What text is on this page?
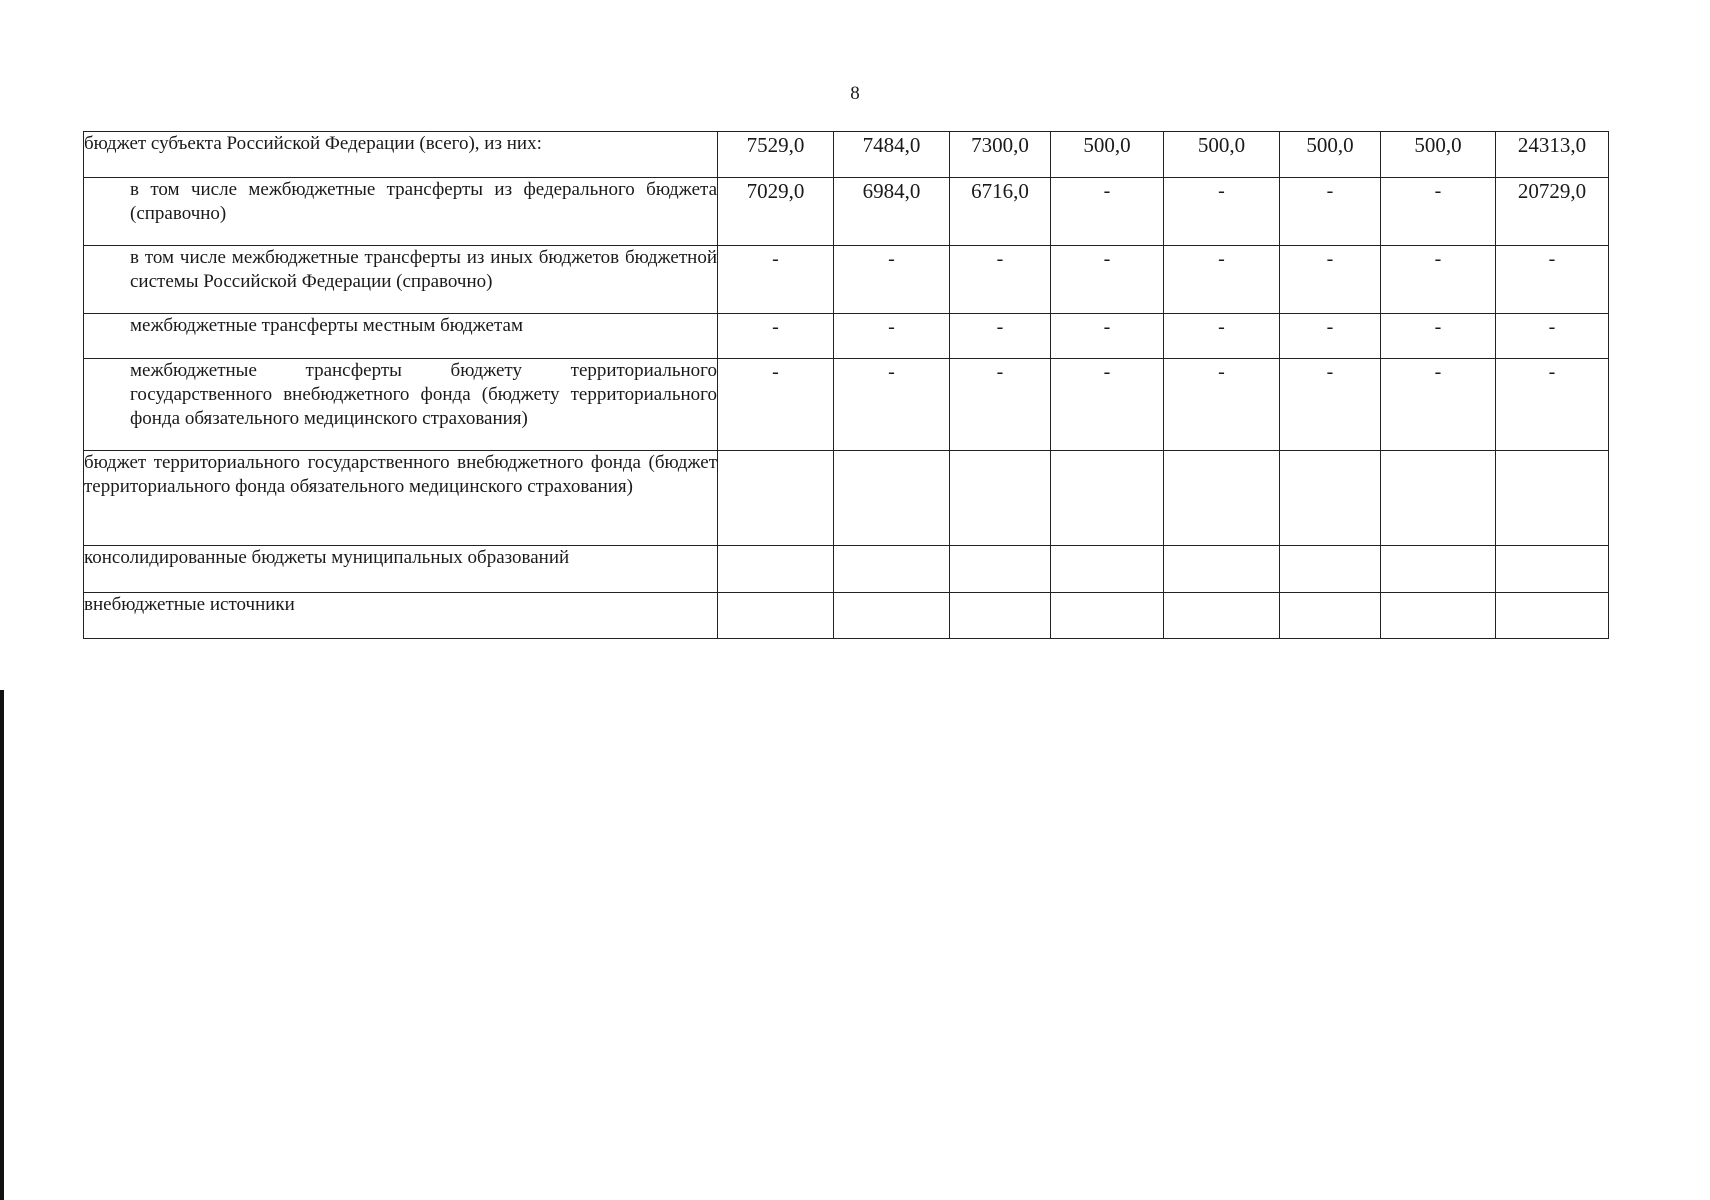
8
бюджет субъекта Российской Федерации (всего), из них:	7529,0	7484,0	7300,0	500,0	500,0	500,0	500,0	24313,0
в том числе межбюджетные трансферты из федерального бюджета (справочно)	7029,0	6984,0	6716,0	-	-	-	-	20729,0
в том числе межбюджетные трансферты из иных бюджетов бюджетной системы Российской Федерации (справочно)	-	-	-	-	-	-	-	-
межбюджетные трансферты местным бюджетам	-	-	-	-	-	-	-	-
межбюджетные трансферты бюджету территориального государственного внебюджетного фонда (бюджету территориального фонда обязательного медицинского страхования)	-	-	-	-	-	-	-	-
бюджет территориального государственного внебюджетного фонда (бюджет территориального фонда обязательного медицинского страхования)								
консолидированные бюджеты муниципальных образований								
внебюджетные источники								
